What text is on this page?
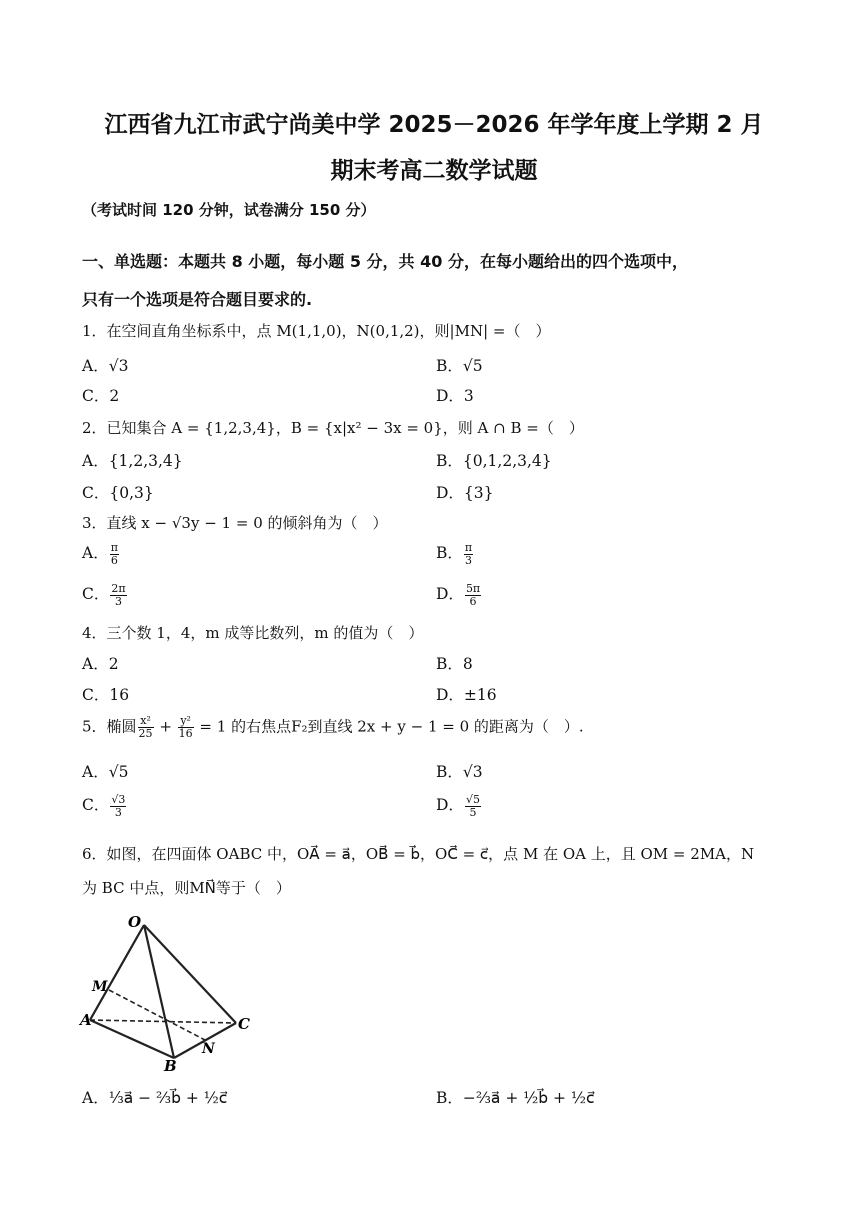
江西省九江市武宁尚美中学 2025－2026 年学年度上学期 2 月
期末考高二数学试题
（考试时间 120 分钟，试卷满分 150 分）
一、单选题：本题共 8 小题，每小题 5 分，共 40 分，在每小题给出的四个选项中，
只有一个选项是符合题目要求的.
1．在空间直角坐标系中，点 M(1,1,0)，N(0,1,2)，则|MN| =（　）
A．√3	B．√5
C．2	D．3
2．已知集合 A = {1,2,3,4}，B = {x|x² − 3x = 0}，则 A ∩ B =（　）
A．{1,2,3,4}	B．{0,1,2,3,4}
C．{0,3}	D．{3}
3．直线 x − √3y − 1 = 0 的倾斜角为（　）
A． $\frac{\pi}{6}$	B． $\frac{\pi}{3}$
C． $\frac{2\pi}{3}$	D． $\frac{5\pi}{6}$
4．三个数 1，4，m 成等比数列，m 的值为（　）
A．2	B．8
C．16	D．±16
5．椭圆 $\frac{\text{x²}}{25} + \frac{\text{y²}}{16} = 1$ 的右焦点F₂到直线 2x + y − 1 = 0 的距离为（　）.
A．√5	B．√3
C． $\frac{√3}{3}$	D． $\frac{√5}{5}$
6．如图，在四面体 OABC 中，OA⃗ = a⃗，OB⃗ = b⃗，OC⃗ = c⃗，点 M 在 OA 上，且 OM = 2MA，N
为 BC 中点，则MN⃗等于（　）
O
M
A
B
C
N
A．⅓a⃗ − ⅔b⃗ + ½c⃗	B．−⅔a⃗ + ½b⃗ + ½c⃗
